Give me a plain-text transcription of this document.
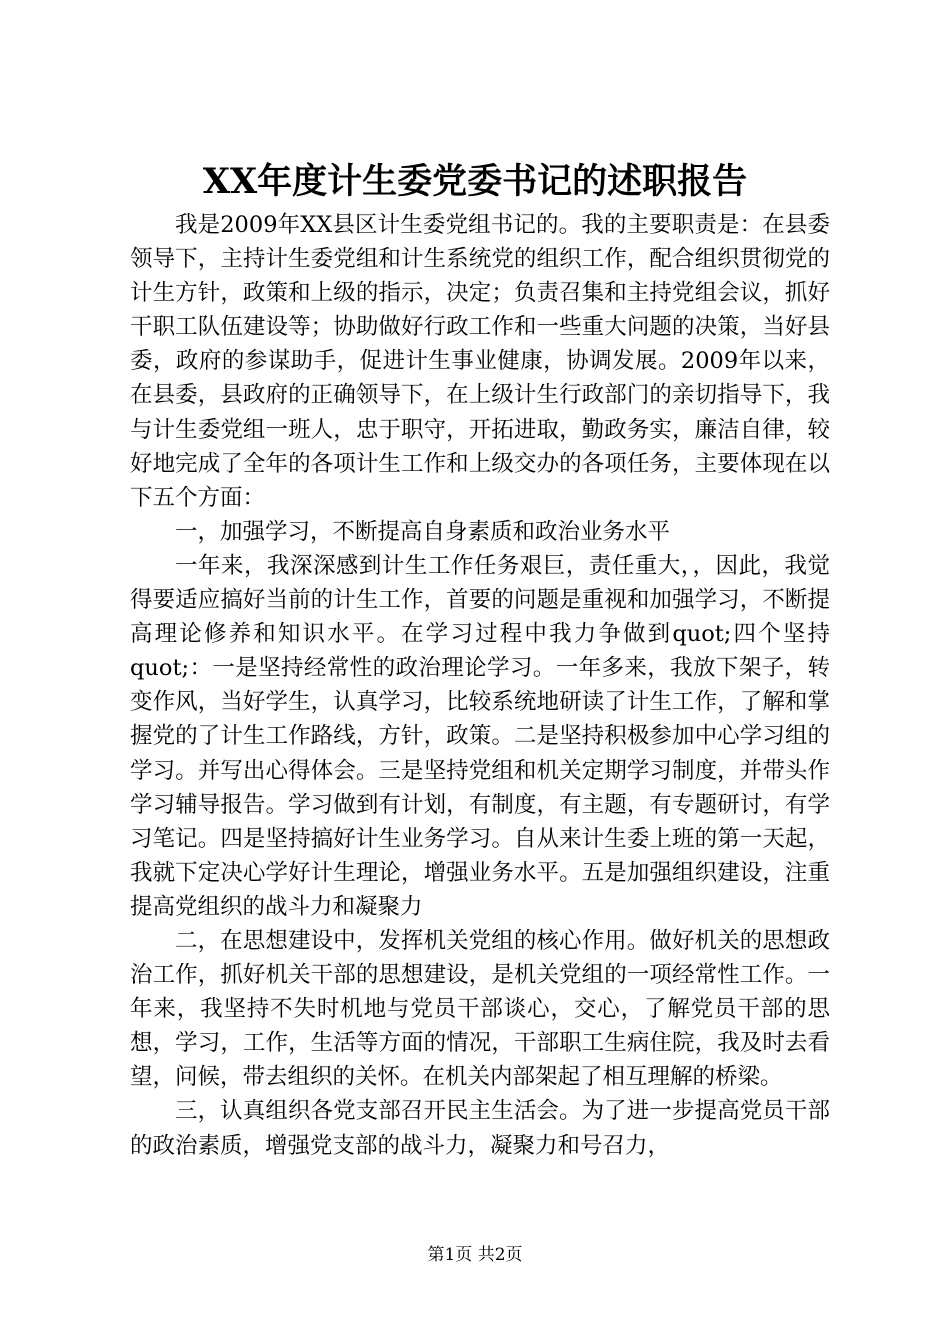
XX年度计生委党委书记的述职报告

我是2009年XX县区计生委党组书记的。我的主要职责是：在县委领导下，主持计生委党组和计生系统党的组织工作，配合组织贯彻党的计生方针，政策和上级的指示，决定；负责召集和主持党组会议，抓好干职工队伍建设等；协助做好行政工作和一些重大问题的决策，当好县委，政府的参谋助手，促进计生事业健康，协调发展。2009年以来，在县委，县政府的正确领导下，在上级计生行政部门的亲切指导下，我与计生委党组一班人，忠于职守，开拓进取，勤政务实，廉洁自律，较好地完成了全年的各项计生工作和上级交办的各项任务，主要体现在以下五个方面：

一，加强学习，不断提高自身素质和政治业务水平

一年来，我深深感到计生工作任务艰巨，责任重大，，因此，我觉得要适应搞好当前的计生工作，首要的问题是重视和加强学习，不断提高理论修养和知识水平。在学习过程中我力争做到quot;四个坚持quot;：一是坚持经常性的政治理论学习。一年多来，我放下架子，转变作风，当好学生，认真学习，比较系统地研读了计生工作，了解和掌握党的了计生工作路线，方针，政策。二是坚持积极参加中心学习组的学习。并写出心得体会。三是坚持党组和机关定期学习制度，并带头作学习辅导报告。学习做到有计划，有制度，有主题，有专题研讨，有学习笔记。四是坚持搞好计生业务学习。自从来计生委上班的第一天起，我就下定决心学好计生理论，增强业务水平。五是加强组织建设，注重提高党组织的战斗力和凝聚力

二，在思想建设中，发挥机关党组的核心作用。做好机关的思想政治工作，抓好机关干部的思想建设，是机关党组的一项经常性工作。一年来，我坚持不失时机地与党员干部谈心，交心，了解党员干部的思想，学习，工作，生活等方面的情况，干部职工生病住院，我及时去看望，问候，带去组织的关怀。在机关内部架起了相互理解的桥梁。

三，认真组织各党支部召开民主生活会。为了进一步提高党员干部的政治素质，增强党支部的战斗力，凝聚力和号召力，

第1页 共2页
